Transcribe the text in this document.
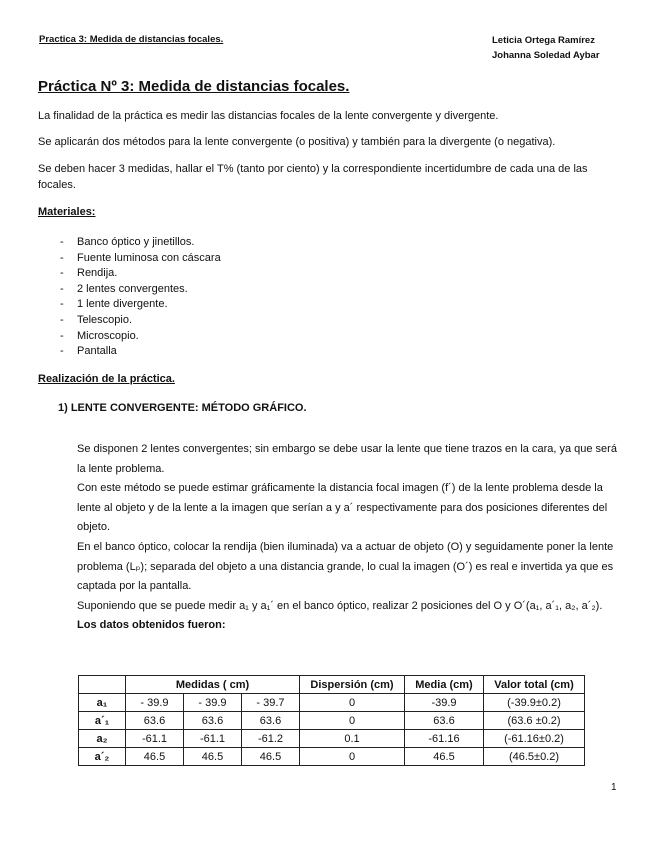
Practica 3: Medida de distancias focales.	Leticia Ortega Ramírez
Johanna Soledad Aybar
Práctica Nº 3: Medida de distancias focales.
La finalidad de la práctica es medir las distancias focales de la lente convergente y divergente.
Se aplicarán dos métodos para la lente convergente (o positiva) y también para la divergente (o negativa).
Se deben hacer 3 medidas, hallar el T% (tanto por ciento) y la correspondiente incertidumbre de cada una de las focales.
Materiales:
- Banco óptico y jinetillos.
- Fuente luminosa con cáscara
- Rendija.
- 2 lentes convergentes.
- 1 lente divergente.
- Telescopio.
- Microscopio.
- Pantalla
Realización de la práctica.
1) LENTE CONVERGENTE: MÉTODO GRÁFICO.

Se disponen 2 lentes convergentes; sin embargo se debe usar la lente que tiene trazos en la cara, ya que será la lente problema.

Con este método se puede estimar gráficamente la distancia focal imagen (f´) de la lente problema desde la lente al objeto y de la lente a la imagen que serían a y a´ respectivamente para dos posiciones diferentes del objeto.

En el banco óptico, colocar la rendija (bien iluminada) va a actuar de objeto (O) y seguidamente poner la lente problema (Lₚ); separada del objeto a una distancia grande, lo cual la imagen (O´) es real e invertida ya que es captada por la pantalla.

Suponiendo que se puede medir a₁ y a₁´ en el banco óptico, realizar 2 posiciones del O y O´(a₁, a´₁, a₂, a´₂).

Los datos obtenidos fueron:

	Medidas ( cm)			Dispersión (cm)	Media (cm)	Valor total (cm)
a₁	- 39.9	- 39.9	- 39.7	0	-39.9	(-39.9±0.2)
a´₁	63.6	63.6	63.6	0	63.6	(63.6 ±0.2)
a₂	-61.1	-61.1	-61.2	0.1	-61.16	(-61.16±0.2)
a´₂	46.5	46.5	46.5	0	46.5	(46.5±0.2)
1
